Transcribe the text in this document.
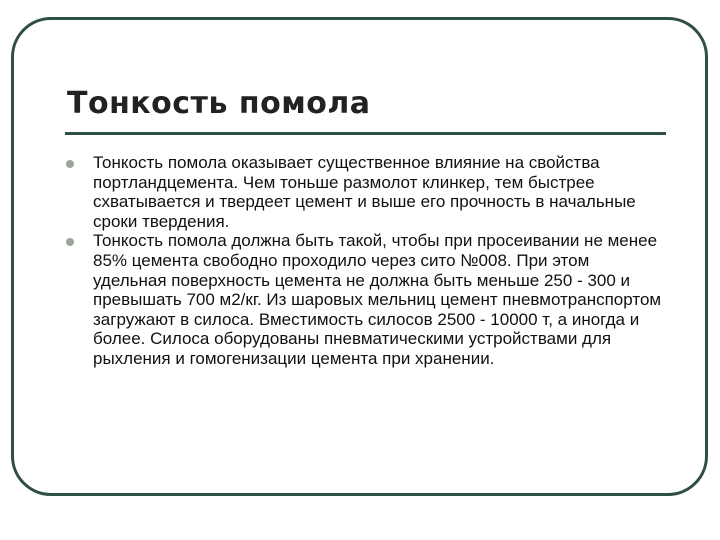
Тонкость помола
Тонкость помола оказывает существенное влияние на свойства портландцемента. Чем тоньше размолот клинкер, тем быстрее схватывается и твердеет цемент и выше его прочность в начальные сроки твердения.
Тонкость помола должна быть такой, чтобы при просеивании не менее 85% цемента свободно проходило через сито №008. При этом удельная поверхность цемента не должна быть меньше 250 - 300 и превышать 700 м2/кг. Из шаровых мельниц цемент пневмотранспортом загружают в силоса. Вместимость силосов 2500 - 10000 т, а иногда и более. Силоса оборудованы пневматическими устройствами для рыхления и гомогенизации цемента при хранении.
